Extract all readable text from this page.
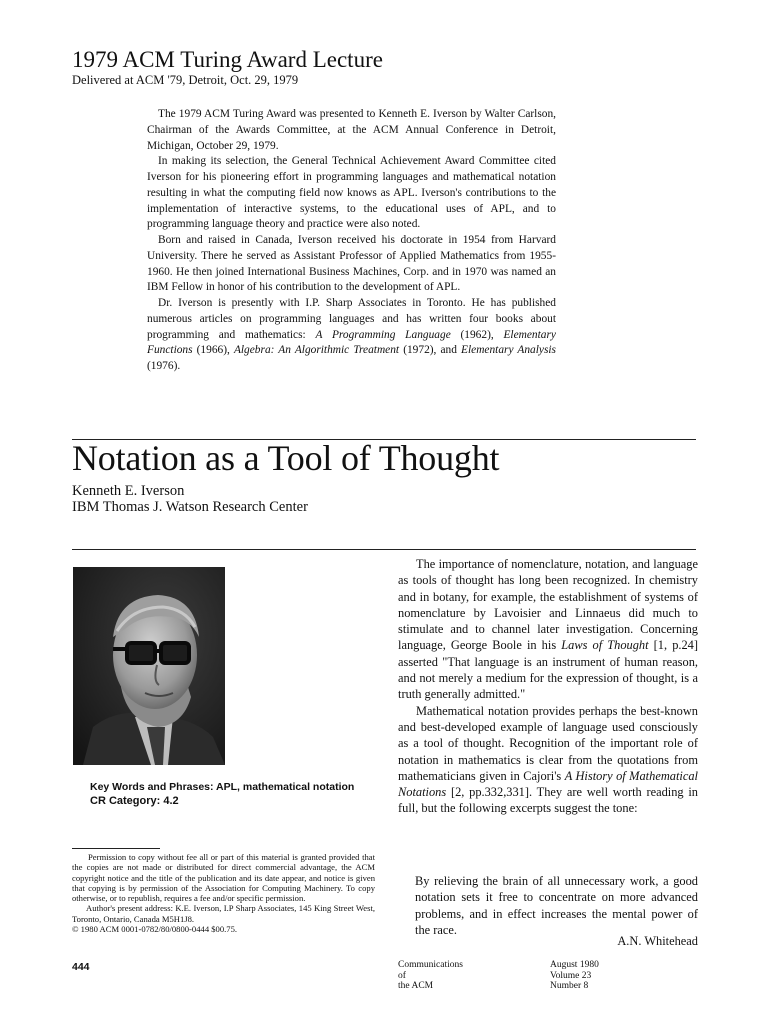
1979 ACM Turing Award Lecture
Delivered at ACM '79, Detroit, Oct. 29, 1979

The 1979 ACM Turing Award was presented to Kenneth E. Iverson by Walter Carlson, Chairman of the Awards Committee, at the ACM Annual Conference in Detroit, Michigan, October 29, 1979.

In making its selection, the General Technical Achievement Award Committee cited Iverson for his pioneering effort in programming languages and mathematical notation resulting in what the computing field now knows as APL. Iverson's contributions to the implementation of interactive systems, to the educational uses of APL, and to programming language theory and practice were also noted.

Born and raised in Canada, Iverson received his doctorate in 1954 from Harvard University. There he served as Assistant Professor of Applied Mathematics from 1955-1960. He then joined International Business Machines, Corp. and in 1970 was named an IBM Fellow in honor of his contribution to the development of APL.

Dr. Iverson is presently with I.P. Sharp Associates in Toronto. He has published numerous articles on programming languages and has written four books about programming and mathematics: A Programming Language (1962), Elementary Functions (1966), Algebra: An Algorithmic Treatment (1972), and Elementary Analysis (1976).

Notation as a Tool of Thought
Kenneth E. Iverson
IBM Thomas J. Watson Research Center
Key Words and Phrases: APL, mathematical notation
CR Category: 4.2

Permission to copy without fee all or part of this material is granted provided that the copies are not made or distributed for direct commercial advantage, the ACM copyright notice and the title of the publication and its date appear, and notice is given that copying is by permission of the Association for Computing Machinery. To copy otherwise, or to republish, requires a fee and/or specific permission.

Author's present address: K.E. Iverson, I.P Sharp Associates, 145 King Street West, Toronto, Ontario, Canada M5H1J8.

© 1980 ACM 0001-0782/80/0800-0444 $00.75.

444

The importance of nomenclature, notation, and language as tools of thought has long been recognized. In chemistry and in botany, for example, the establishment of systems of nomenclature by Lavoisier and Linnaeus did much to stimulate and to channel later investigation. Concerning language, George Boole in his Laws of Thought [1, p.24] asserted "That language is an instrument of human reason, and not merely a medium for the expression of thought, is a truth generally admitted."

Mathematical notation provides perhaps the best-known and best-developed example of language used consciously as a tool of thought. Recognition of the important role of notation in mathematics is clear from the quotations from mathematicians given in Cajori's A History of Mathematical Notations [2, pp.332,331]. They are well worth reading in full, but the following excerpts suggest the tone:

By relieving the brain of all unnecessary work, a good notation sets it free to concentrate on more advanced problems, and in effect increases the mental power of the race.
A.N. Whitehead
Communications
of
the ACM
August 1980
Volume 23
Number 8
